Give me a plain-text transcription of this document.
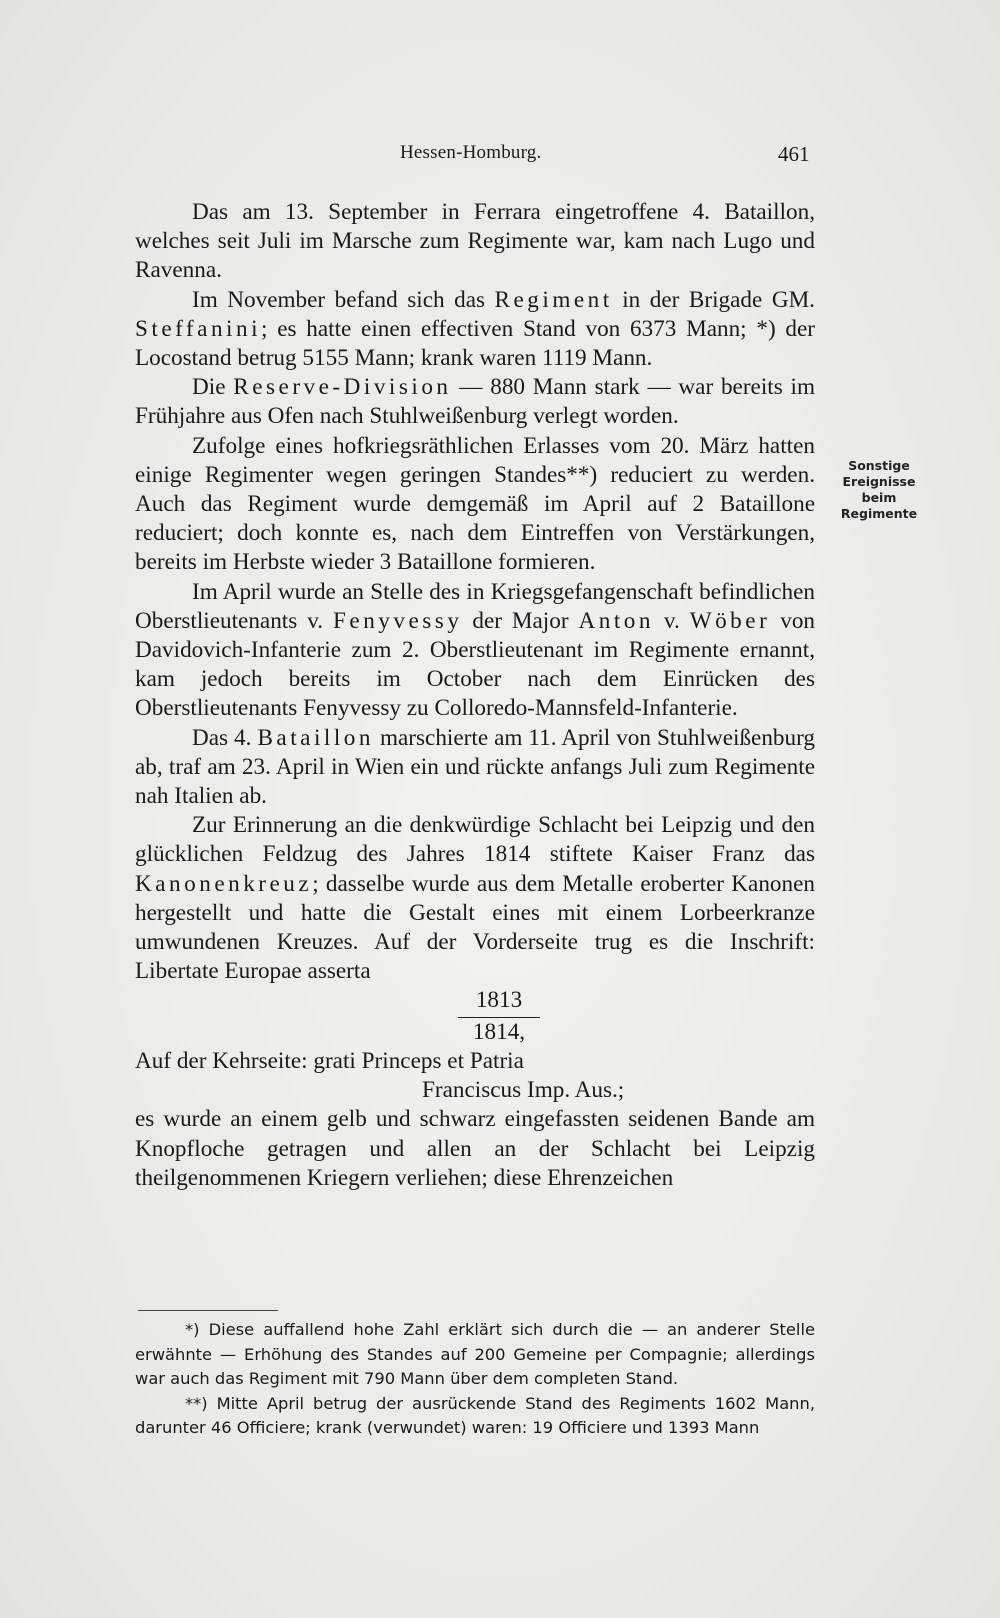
Hessen-Homburg.	461

Das am 13. September in Ferrara eingetroffene 4. Bataillon, welches seit Juli im Marsche zum Regimente war, kam nach Lugo und Ravenna.

Im November befand sich das Regiment in der Brigade GM. Steffanini; es hatte einen effectiven Stand von 6373 Mann; *) der Locostand betrug 5155 Mann; krank waren 1119 Mann.

Die Reserve-Division — 880 Mann stark — war bereits im Frühjahre aus Ofen nach Stuhlweißenburg verlegt worden.

Zufolge eines hofkriegsräthlichen Erlasses vom 20. März hatten einige Regimenter wegen geringen Standes**) reduciert zu werden. Auch das Regiment wurde demgemäß im April auf 2 Bataillone reduciert; doch konnte es, nach dem Eintreffen von Verstärkungen, bereits im Herbste wieder 3 Bataillone formieren.

Im April wurde an Stelle des in Kriegsgefangenschaft befindlichen Oberstlieutenants v. Fenyvessy der Major Anton v. Wöber von Davidovich-Infanterie zum 2. Oberstlieutenant im Regimente ernannt, kam jedoch bereits im October nach dem Einrücken des Oberstlieutenants Fenyvessy zu Colloredo-Mannsfeld-Infanterie.

Das 4. Bataillon marschierte am 11. April von Stuhlweißenburg ab, traf am 23. April in Wien ein und rückte anfangs Juli zum Regimente nah Italien ab.

Zur Erinnerung an die denkwürdige Schlacht bei Leipzig und den glücklichen Feldzug des Jahres 1814 stiftete Kaiser Franz das Kanonenkreuz; dasselbe wurde aus dem Metalle eroberter Kanonen hergestellt und hatte die Gestalt eines mit einem Lorbeerkranze umwundenen Kreuzes. Auf der Vorderseite trug es die Inschrift: Libertate Europae asserta

1813
1814,

Auf der Kehrseite: grati Princeps et Patria

Franciscus Imp. Aus.;

es wurde an einem gelb und schwarz eingefassten seidenen Bande am Knopfloche getragen und allen an der Schlacht bei Leipzig theilgenommenen Kriegern verliehen; diese Ehrenzeichen

Sonstige
Ereignisse beim
Regimente

*) Diese auffallend hohe Zahl erklärt sich durch die — an anderer Stelle erwähnte — Erhöhung des Standes auf 200 Gemeine per Compagnie; allerdings war auch das Regiment mit 790 Mann über dem completen Stand.

**) Mitte April betrug der ausrückende Stand des Regiments 1602 Mann, darunter 46 Officiere; krank (verwundet) waren: 19 Officiere und 1393 Mann
